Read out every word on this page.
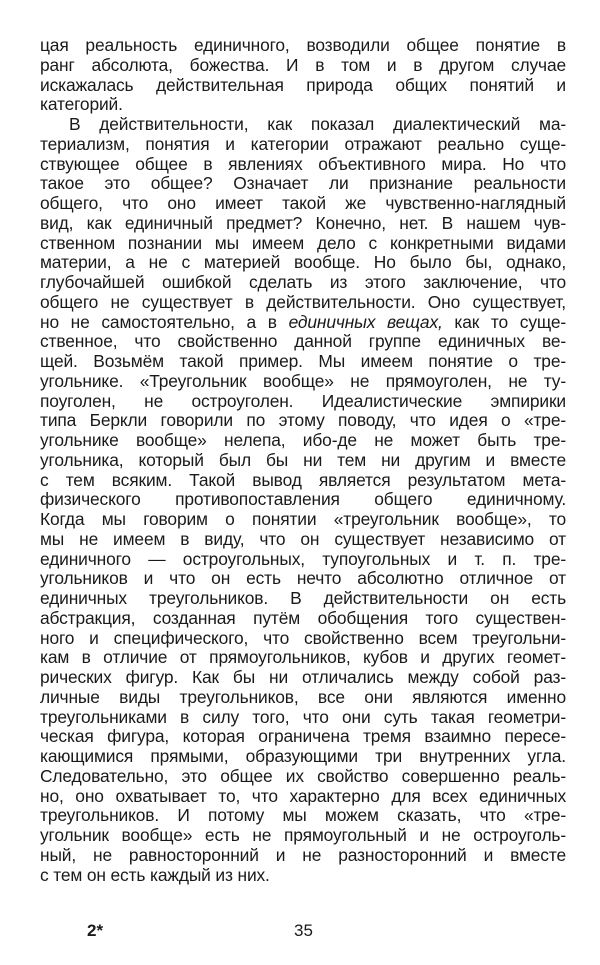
цая реальность единичного, возводили общее понятие в
ранг абсолюта, божества. И в том и в другом случае
искажалась действительная природа общих понятий и
категорий.
В действительности, как показал диалектический ма-
териализм, понятия и категории отражают реально суще-
ствующее общее в явлениях объективного мира. Но что
такое это общее? Означает ли признание реальности
общего, что оно имеет такой же чувственно-наглядный
вид, как единичный предмет? Конечно, нет. В нашем чув-
ственном познании мы имеем дело с конкретными видами
материи, а не с материей вообще. Но было бы, однако,
глубочайшей ошибкой сделать из этого заключение, что
общего не существует в действительности. Оно существует,
но не самостоятельно, а в единичных вещах, как то суще-
ственное, что свойственно данной группе единичных ве-
щей. Возьмём такой пример. Мы имеем понятие о тре-
угольнике. «Треугольник вообще» не прямоуголен, не ту-
поуголен, не остроуголен. Идеалистические эмпирики
типа Беркли говорили по этому поводу, что идея о «тре-
угольнике вообще» нелепа, ибо-де не может быть тре-
угольника, который был бы ни тем ни другим и вместе
с тем всяким. Такой вывод является результатом мета-
физического противопоставления общего единичному.
Когда мы говорим о понятии «треугольник вообще», то
мы не имеем в виду, что он существует независимо от
единичного — остроугольных, тупоугольных и т. п. тре-
угольников и что он есть нечто абсолютно отличное от
единичных треугольников. В действительности он есть
абстракция, созданная путём обобщения того существен-
ного и специфического, что свойственно всем треугольни-
кам в отличие от прямоугольников, кубов и других геомет-
рических фигур. Как бы ни отличались между собой раз-
личные виды треугольников, все они являются именно
треугольниками в силу того, что они суть такая геометри-
ческая фигура, которая ограничена тремя взаимно пересе-
кающимися прямыми, образующими три внутренних угла.
Следовательно, это общее их свойство совершенно реаль-
но, оно охватывает то, что характерно для всех единичных
треугольников. И потому мы можем сказать, что «тре-
угольник вообще» есть не прямоугольный и не остроуголь-
ный, не равносторонний и не разносторонний и вместе
с тем он есть каждый из них.
2*	35
